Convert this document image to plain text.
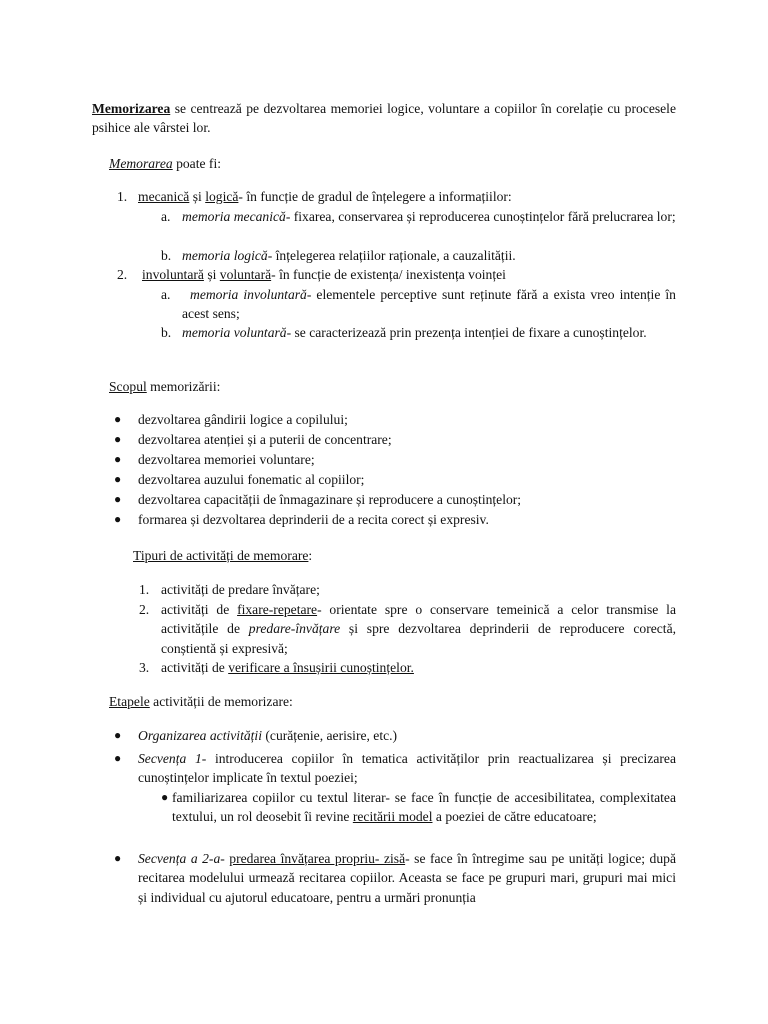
Memorizarea se centrează pe dezvoltarea memoriei logice, voluntare a copiilor în corelație cu procesele psihice ale vârstei lor.

Memorarea poate fi:

1. mecanică și logică- în funcție de gradul de înțelegere a informațiilor:
a. memoria mecanică- fixarea, conservarea și reproducerea cunoștințelor fără prelucrarea lor;

b. memoria logică- înțelegerea relațiilor raționale, a cauzalității.

2. involuntară și voluntară- în funcție de existența/ inexistența voinței
a.	memoria involuntară- elementele perceptive sunt reținute fără a exista vreo intenție în acest sens;

b. memoria voluntară- se caracterizează prin prezența intenției de fixare a cunoștințelor.

Scopul memorizării:

● dezvoltarea gândirii logice a copilului;
● dezvoltarea atenției și a puterii de concentrare;
● dezvoltarea memoriei voluntare;
● dezvoltarea auzului fonematic al copiilor;
● dezvoltarea capacității de înmagazinare și reproducere a cunoștințelor;
● formarea și dezvoltarea deprinderii de a recita corect și expresiv.

Tipuri de activități de memorare:

1. activități de predare învățare;
2. activități de fixare-repetare- orientate spre o conservare temeinică a celor transmise la activitățile de predare-învățare și spre dezvoltarea deprinderii de reproducere corectă, conștientă și expresivă;

3. activități de verificare a însușirii cunoștințelor.

Etapele activității de memorizare:

● Organizarea activității (curățenie, aerisire, etc.)
● Secvența 1- introducerea copiilor în tematica activităților prin reactualizarea și precizarea cunoștințelor implicate în textul poeziei;

● familiarizarea copiilor cu textul literar- se face în funcție de accesibilitatea, complexitatea textului, un rol deosebit îi revine recitării model a poeziei de către educatoare;

● Secvența a 2-a- predarea învățarea propriu- zisă- se face în întregime sau pe unități logice; după recitarea modelului urmează recitarea copiilor. Aceasta se face pe grupuri mari, grupuri mai mici și individual cu ajutorul educatoare, pentru a urmări pronunția
